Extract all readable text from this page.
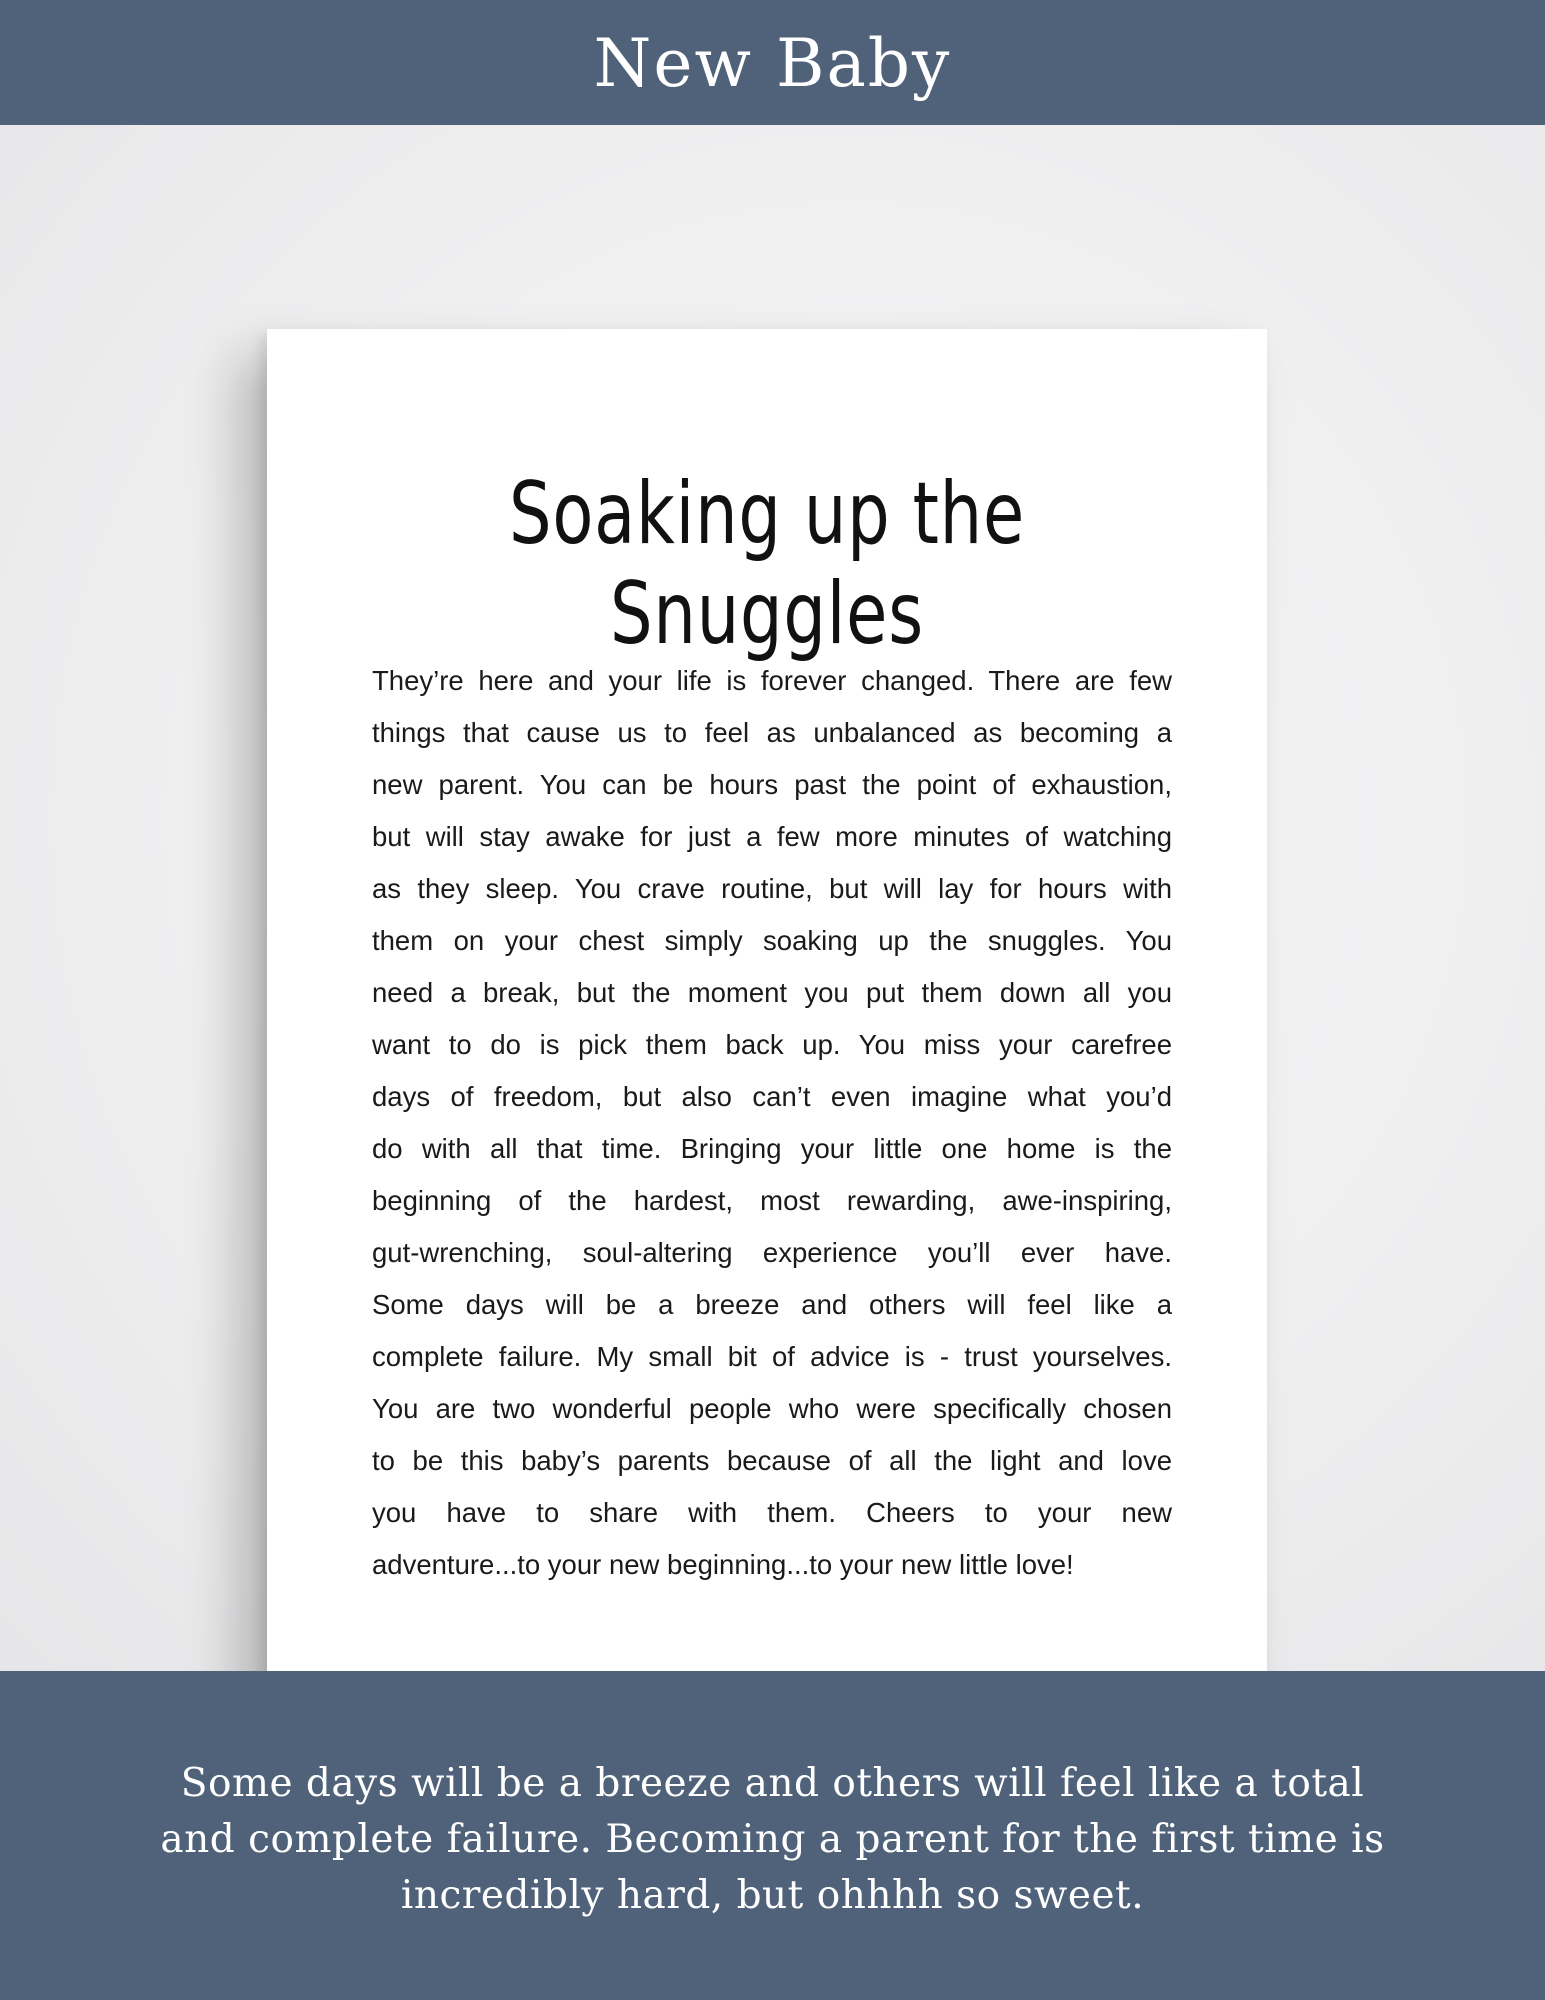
New Baby
Soaking up the Snuggles
They’re here and your life is forever changed. There are few
things that cause us to feel as unbalanced as becoming a
new parent. You can be hours past the point of exhaustion,
but will stay awake for just a few more minutes of watching
as they sleep. You crave routine, but will lay for hours with
them on your chest simply soaking up the snuggles. You
need a break, but the moment you put them down all you
want to do is pick them back up. You miss your carefree
days of freedom, but also can’t even imagine what you’d
do with all that time. Bringing your little one home is the
beginning of the hardest, most rewarding, awe-inspiring,
gut-wrenching, soul-altering experience you’ll ever have.
Some days will be a breeze and others will feel like a
complete failure. My small bit of advice is - trust yourselves.
You are two wonderful people who were specifically chosen
to be this baby’s parents because of all the light and love
you have to share with them. Cheers to your new
adventure...to your new beginning...to your new little love!
Some days will be a breeze and others will feel like a total and complete failure. Becoming a parent for the first time is incredibly hard, but ohhhh so sweet.
